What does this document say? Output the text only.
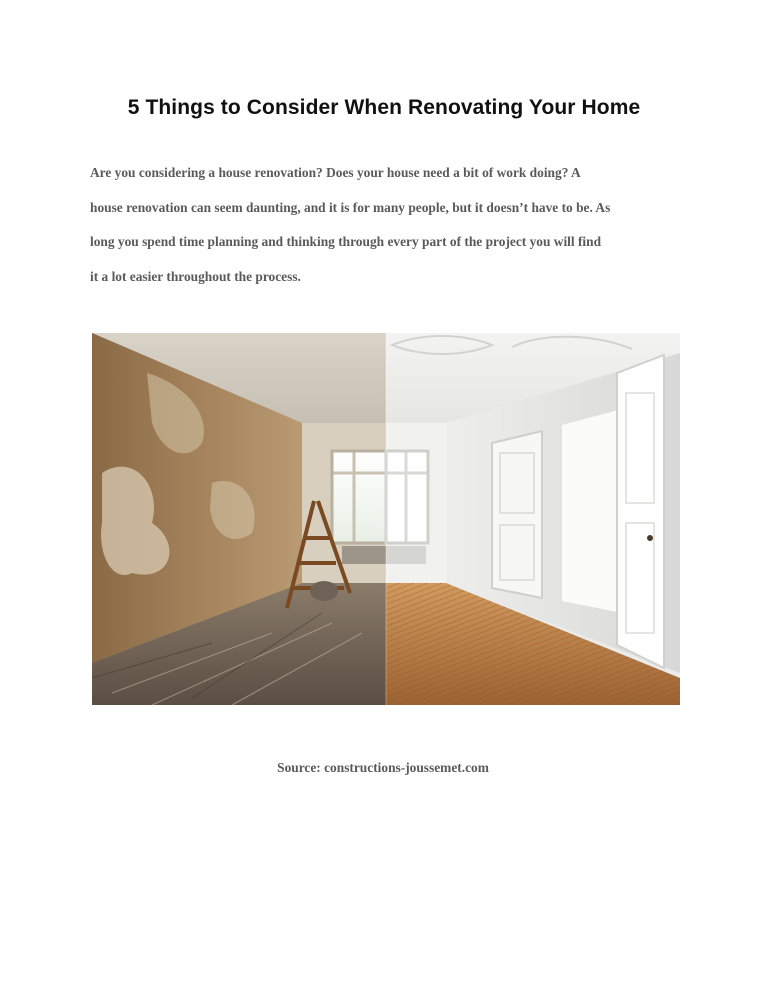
5 Things to Consider When Renovating Your Home
Are you considering a house renovation? Does your house need a bit of work doing? A
house renovation can seem daunting, and it is for many people, but it doesn’t have to be. As
long you spend time planning and thinking through every part of the project you will find
it a lot easier throughout the process.

Source: constructions-joussemet.com
